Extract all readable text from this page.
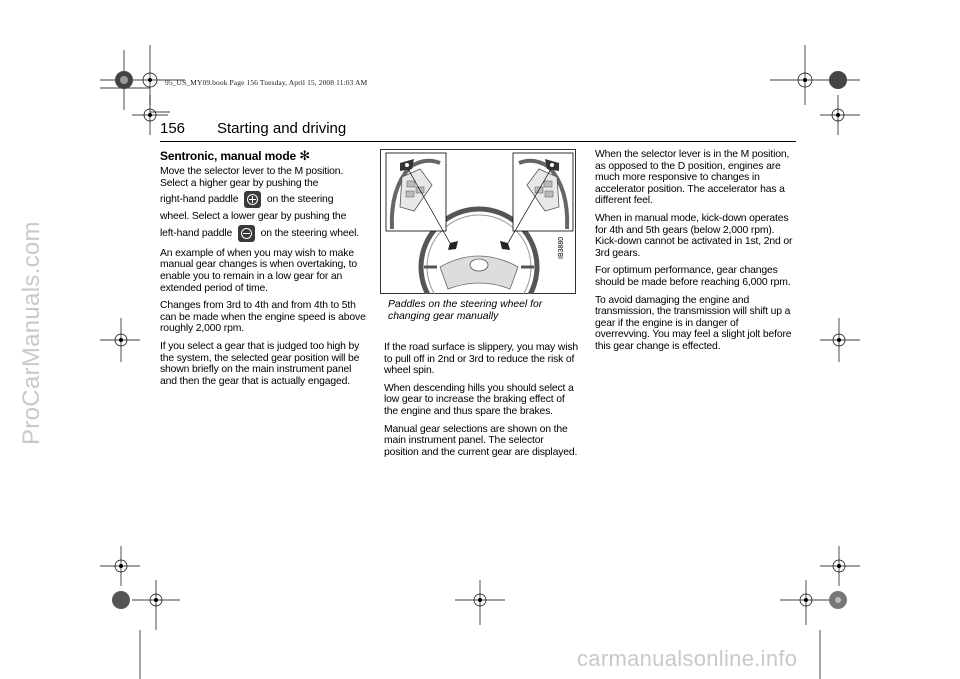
95_US_MY09.book Page 156 Tuesday, April 15, 2008 11:03 AM
156 Starting and driving

Sentronic, manual mode ✻

Move the selector lever to the M position. Select a higher gear by pushing the

right-hand paddle	on the steering

wheel. Select a lower gear by pushing the

left-hand paddle	on the steering wheel.

An example of when you may wish to make manual gear changes is when overtaking, to enable you to remain in a low gear for an extended period of time.

Changes from 3rd to 4th and from 4th to 5th can be made when the engine speed is above roughly 2,000 rpm.

If you select a gear that is judged too high by the system, the selected gear position will be shown briefly on the main instrument panel and then the gear that is actually engaged.

IB3880
Paddles on the steering wheel for changing gear manually

If the road surface is slippery, you may wish to pull off in 2nd or 3rd to reduce the risk of wheel spin.

When descending hills you should select a low gear to increase the braking effect of the engine and thus spare the brakes.

Manual gear selections are shown on the main instrument panel. The selector position and the current gear are displayed.

When the selector lever is in the M position, as opposed to the D position, engines are much more responsive to changes in accelerator position. The accelerator has a different feel.

When in manual mode, kick-down operates for 4th and 5th gears (below 2,000 rpm). Kick-down cannot be activated in 1st, 2nd or 3rd gears.

For optimum performance, gear changes should be made before reaching 6,000 rpm.

To avoid damaging the engine and transmission, the transmission will shift up a gear if the engine is in danger of overrevving. You may feel a slight jolt before this gear change is effected.

ProCarManuals.com
carmanualsonline.info
